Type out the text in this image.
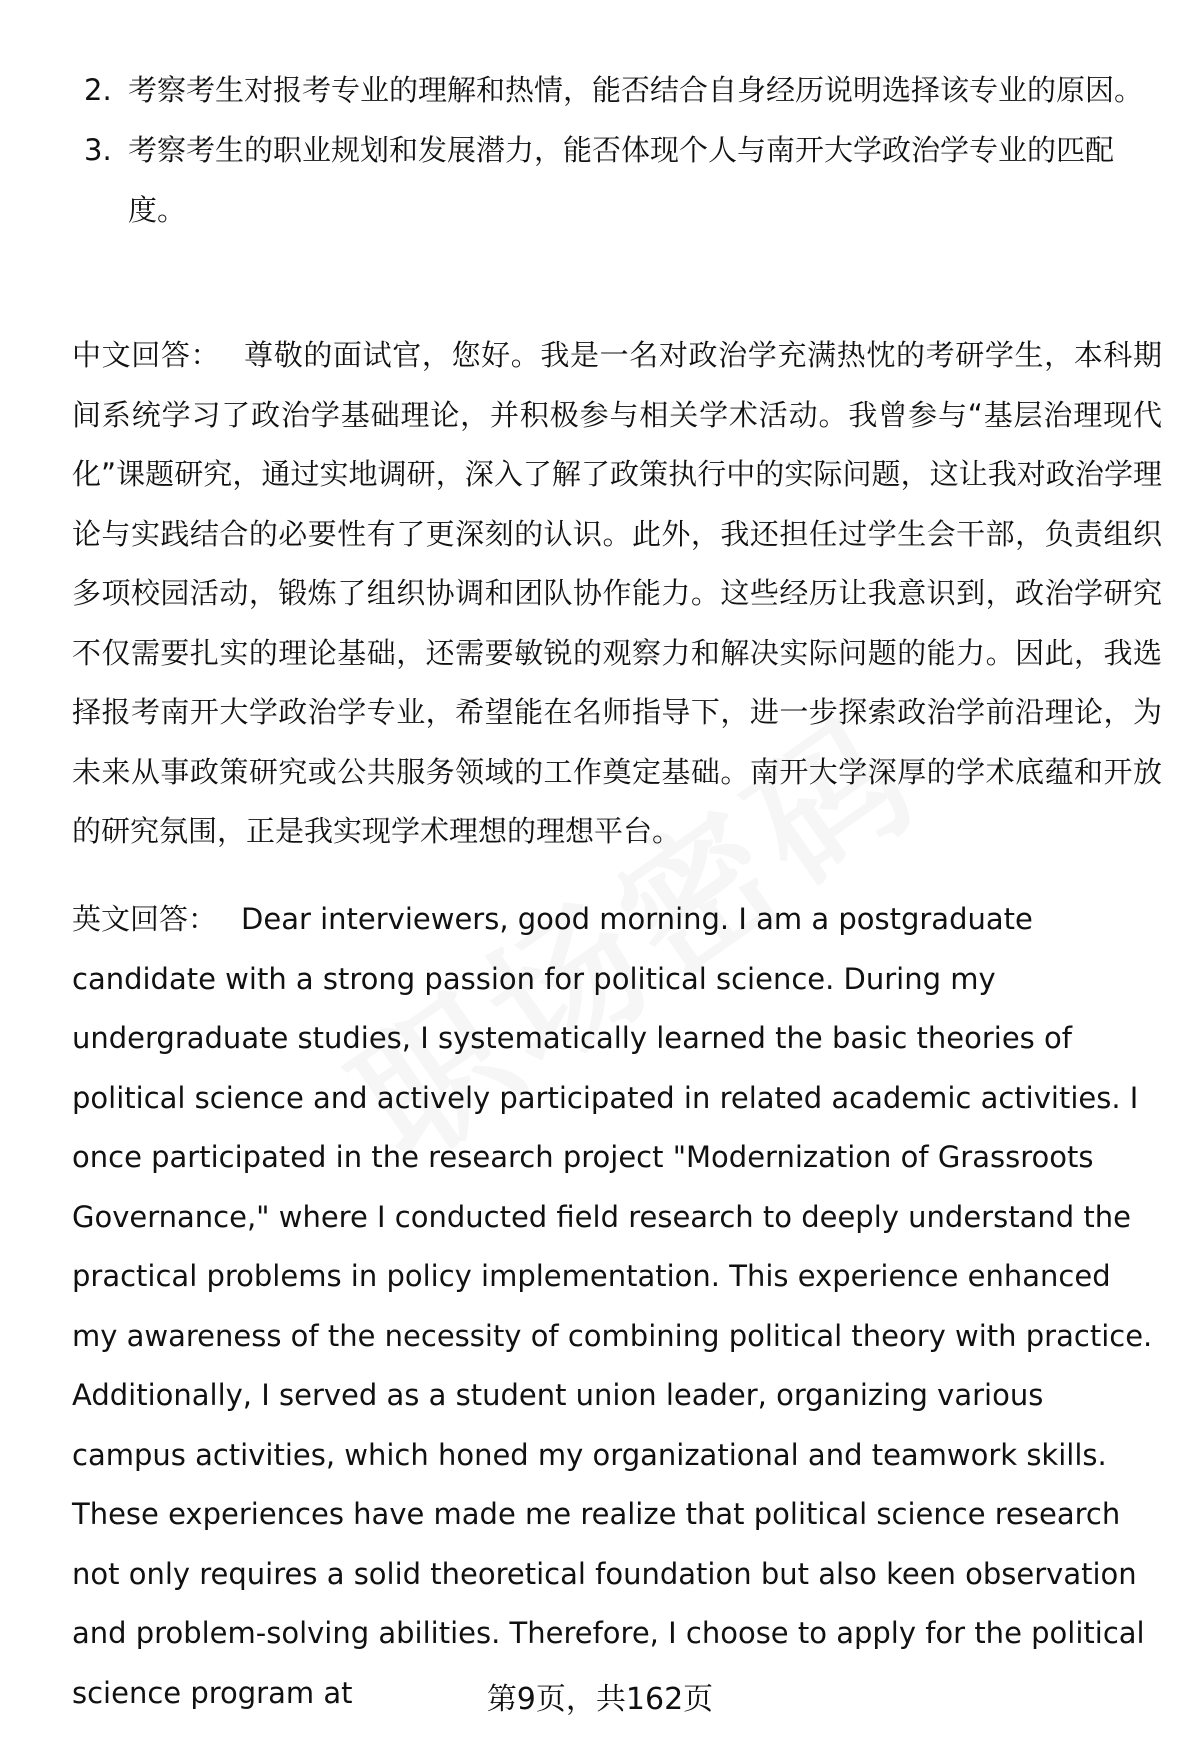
2. 考察考生对报考专业的理解和热情，能否结合自身经历说明选择该专业的原因。
3. 考察考生的职业规划和发展潜力，能否体现个人与南开大学政治学专业的匹配度。

中文回答： 尊敬的面试官，您好。我是一名对政治学充满热忱的考研学生，本科期间系统学习了政治学基础理论，并积极参与相关学术活动。我曾参与“基层治理现代化”课题研究，通过实地调研，深入了解了政策执行中的实际问题，这让我对政治学理论与实践结合的必要性有了更深刻的认识。此外，我还担任过学生会干部，负责组织多项校园活动，锻炼了组织协调和团队协作能力。这些经历让我意识到，政治学研究不仅需要扎实的理论基础，还需要敏锐的观察力和解决实际问题的能力。因此，我选择报考南开大学政治学专业，希望能在名师指导下，进一步探索政治学前沿理论，为未来从事政策研究或公共服务领域的工作奠定基础。南开大学深厚的学术底蕴和开放的研究氛围，正是我实现学术理想的理想平台。

英文回答： Dear interviewers, good morning. I am a postgraduate candidate with a strong passion for political science. During my undergraduate studies, I systematically learned the basic theories of political science and actively participated in related academic activities. I once participated in the research project "Modernization of Grassroots Governance," where I conducted field research to deeply understand the practical problems in policy implementation. This experience enhanced my awareness of the necessity of combining political theory with practice. Additionally, I served as a student union leader, organizing various campus activities, which honed my organizational and teamwork skills. These experiences have made me realize that political science research not only requires a solid theoretical foundation but also keen observation and problem-solving abilities. Therefore, I choose to apply for the political science program at	第9页，共162页
